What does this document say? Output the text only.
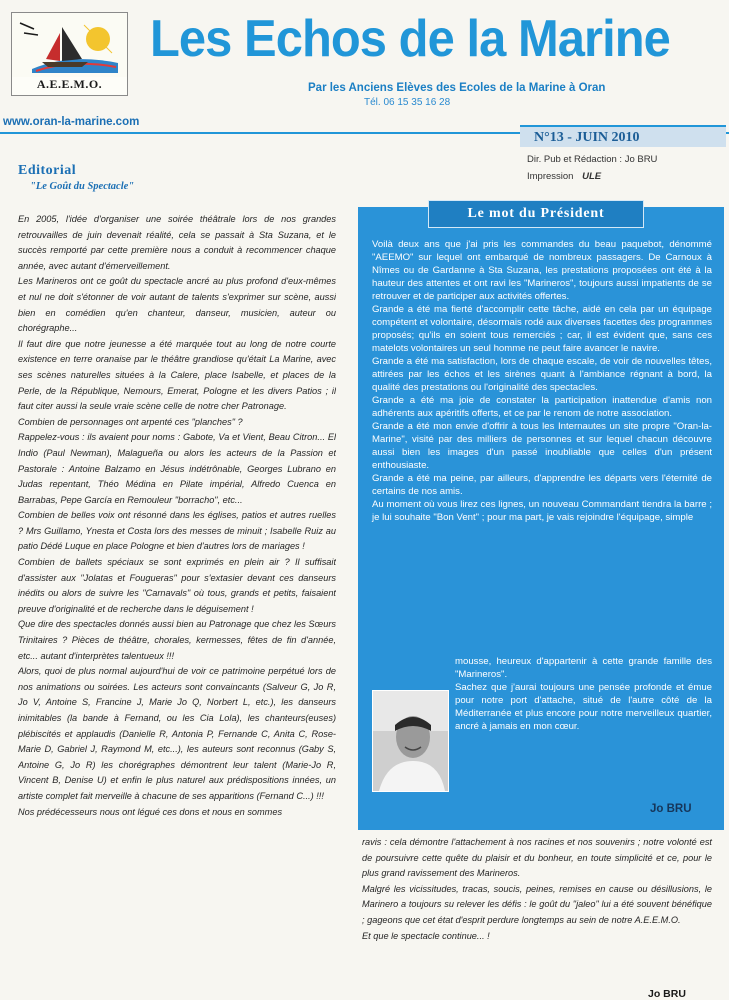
A.E.E.M.O.
Les Echos de la Marine
Par les Anciens Elèves des Ecoles de la Marine à Oran
Tél. 06 15 35 16 28
www.oran-la-marine.com
N°13 - JUIN 2010
Dir. Pub et Rédaction : Jo BRU
Impression ULE
Editorial
"Le Goût du Spectacle"

En 2005, l'idée d'organiser une soirée théâtrale lors de nos grandes retrouvailles de juin devenait réalité, cela se passait à Sta Suzana, et le succès remporté par cette première nous a conduit à recommencer chaque année, avec autant d'émerveillement.

Les Marineros ont ce goût du spectacle ancré au plus profond d'eux-mêmes et nul ne doit s'étonner de voir autant de talents s'exprimer sur scène, aussi bien en comédien qu'en chanteur, danseur, musicien, auteur ou chorégraphe...

Il faut dire que notre jeunesse a été marquée tout au long de notre courte existence en terre oranaise par le théâtre grandiose qu'était La Marine, avec ses scènes naturelles situées à la Calere, place Isabelle, et places de la Perle, de la République, Nemours, Emerat, Pologne et les divers Patios ; il faut citer aussi la seule vraie scène celle de notre cher Patronage.

Combien de personnages ont arpenté ces "planches" ?

Rappelez-vous : ils avaient pour noms : Gabote, Va et Vient, Beau Citron... El Indio (Paul Newman), Malagueña ou alors les acteurs de la Passion et Pastorale : Antoine Balzamo en Jésus indétrônable, Georges Lubrano en Judas repentant, Théo Médina en Pilate impérial, Alfredo Cuenca en Barrabas, Pepe García en Remouleur "borracho", etc...

Combien de belles voix ont résonné dans les églises, patios et autres ruelles ? Mrs Guillamo, Ynesta et Costa lors des messes de minuit ; Isabelle Ruiz au patio Dédé Luque en place Pologne et bien d'autres lors de mariages !

Combien de ballets spéciaux se sont exprimés en plein air ? Il suffisait d'assister aux "Jolatas et Fougueras" pour s'extasier devant ces danseurs inédits ou alors de suivre les "Carnavals" où tous, grands et petits, faisaient preuve d'originalité et de recherche dans le déguisement !

Que dire des spectacles donnés aussi bien au Patronage que chez les Sœurs Trinitaires ? Pièces de théâtre, chorales, kermesses, fêtes de fin d'année, etc... autant d'interprètes talentueux !!!

Alors, quoi de plus normal aujourd'hui de voir ce patrimoine perpétué lors de nos animations ou soirées. Les acteurs sont convaincants (Salveur G, Jo R, Jo V, Antoine S, Francine J, Marie Jo Q, Norbert L, etc.), les danseurs inimitables (la bande à Fernand, ou les Cia Lola), les chanteurs(euses) plébiscités et applaudis (Danielle R, Antonia P, Fernande C, Anita C, Rose-Marie D, Gabriel J, Raymond M, etc...), les auteurs sont reconnus (Gaby S, Antoine G, Jo R) les chorégraphes démontrent leur talent (Marie-Jo R, Vincent B, Denise U) et enfin le plus naturel aux prédispositions innées, un artiste complet fait merveille à chacune de ses apparitions (Fernand C...) !!!

Nos prédécesseurs nous ont légué ces dons et nous en sommes

Le mot du Président

Voilà deux ans que j'ai pris les commandes du beau paquebot, dénommé "AEEMO" sur lequel ont embarqué de nombreux passagers. De Carnoux à Nîmes ou de Gardanne à Sta Suzana, les prestations proposées ont été à la hauteur des attentes et ont ravi les "Marineros", toujours aussi impatients de se retrouver et de participer aux activités offertes.

Grande a été ma fierté d'accomplir cette tâche, aidé en cela par un équipage compétent et volontaire, désormais rodé aux diverses facettes des programmes proposés; qu'ils en soient tous remerciés ; car, il est évident que, sans ces matelots volontaires un seul homme ne peut faire avancer le navire.

Grande a été ma satisfaction, lors de chaque escale, de voir de nouvelles têtes, attirées par les échos et les sirènes quant à l'ambiance régnant à bord, la qualité des prestations ou l'originalité des spectacles.

Grande a été ma joie de constater la participation inattendue d'amis non adhérents aux apéritifs offerts, et ce par le renom de notre association.

Grande a été mon envie d'offrir à tous les Internautes un site propre "Oran-la-Marine", visité par des milliers de personnes et sur lequel chacun découvre aussi bien les images d'un passé inoubliable que celles d'un présent enthousiaste.

Grande a été ma peine, par ailleurs, d'apprendre les départs vers l'éternité de certains de nos amis.

Au moment où vous lirez ces lignes, un nouveau Commandant tiendra la barre ; je lui souhaite "Bon Vent" ; pour ma part, je vais rejoindre l'équipage, simple

mousse, heureux d'appartenir à cette grande famille des "Marineros".

Sachez que j'aurai toujours une pensée profonde et émue pour notre port d'attache, situé de l'autre côté de la Méditerranée et plus encore pour notre merveilleux quartier, ancré à jamais en mon cœur.

Jo BRU

ravis : cela démontre l'attachement à nos racines et nos souvenirs ; notre volonté est de poursuivre cette quête du plaisir et du bonheur, en toute simplicité et ce, pour le plus grand ravissement des Marineros.

Malgré les vicissitudes, tracas, soucis, peines, remises en cause ou désillusions, le Marinero a toujours su relever les défis : le goût du "jaleo" lui a été souvent bénéfique ; gageons que cet état d'esprit perdure longtemps au sein de notre A.E.E.M.O.

Et que le spectacle continue... !

Jo BRU
